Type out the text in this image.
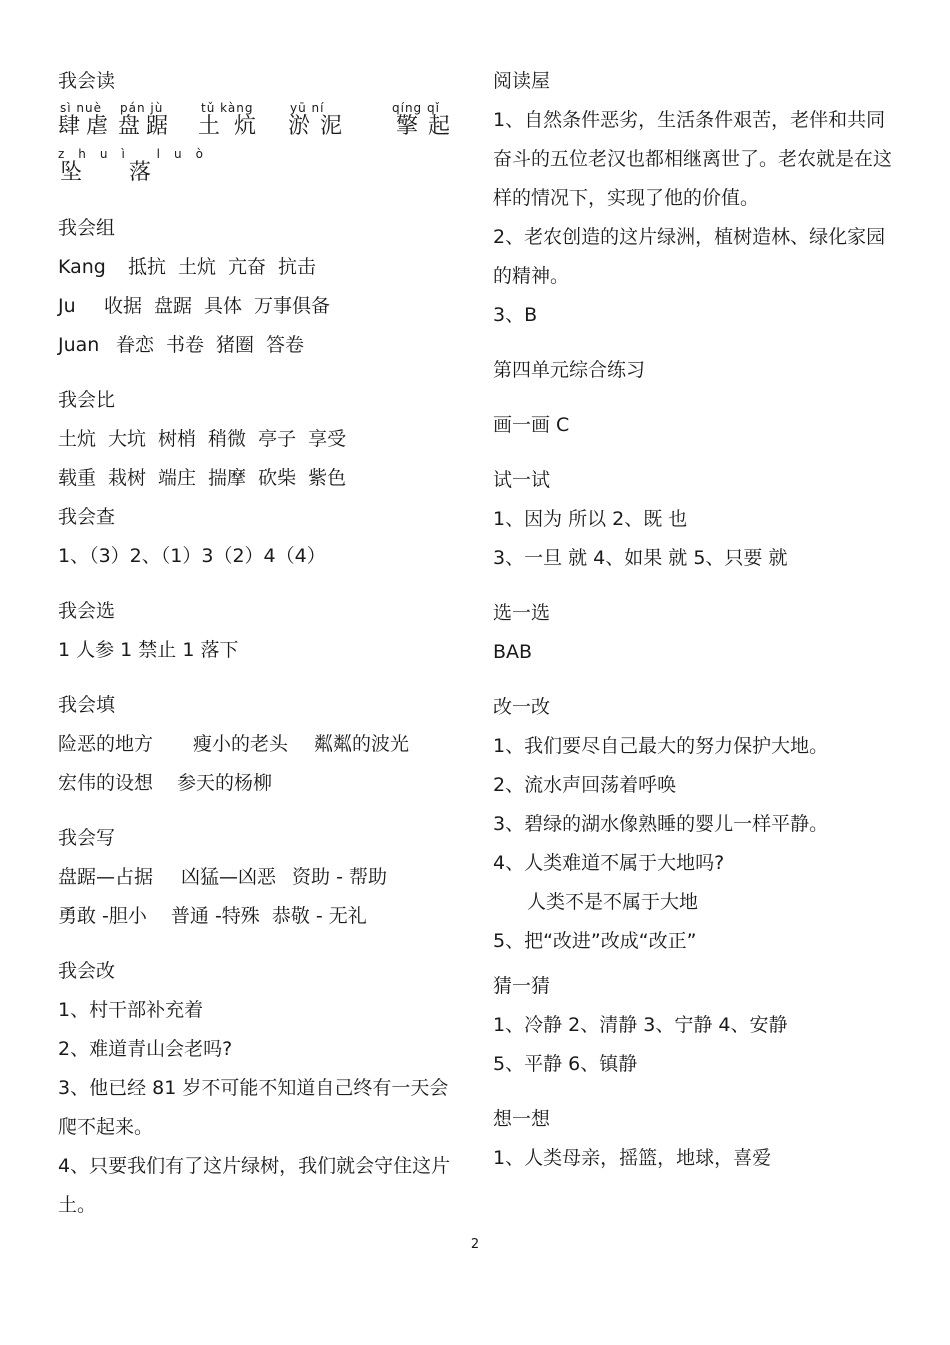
我会读

sì nuè
肆虐
pán jù
盘踞
tǔ kàng
土炕
yū ní
淤泥
qíng qǐ
擎起
zhuì luò
坠 落

我会组

Kang 抵抗 土炕 亢奋 抗击

Ju 收据 盘踞 具体 万事俱备

Juan 眷恋 书卷 猪圈 答卷

我会比

土炕 大坑 树梢 稍微 亭子 享受

载重 栽树 端庄 揣摩 砍柴 紫色

我会查

1、（3）2、（1）3（2）4（4）

我会选

1 人参 1 禁止 1 落下

我会填

险恶的地方 瘦小的老头 粼粼的波光

宏伟的设想 参天的杨柳

我会写

盘踞—占据 凶猛—凶恶 资助 - 帮助

勇敢 -胆小 普通 -特殊 恭敬 - 无礼

我会改

1、村干部补充着

2、难道青山会老吗?

3、他已经 81 岁不可能不知道自己终有一天会爬不起来。

4、只要我们有了这片绿树，我们就会守住这片土。

阅读屋

1、自然条件恶劣，生活条件艰苦，老伴和共同奋斗的五位老汉也都相继离世了。老农就是在这样的情况下，实现了他的价值。

2、老农创造的这片绿洲，植树造林、绿化家园的精神。

3、B

第四单元综合练习

画一画 C

试一试

1、因为 所以 2、既 也

3、一旦 就 4、如果 就 5、只要 就

选一选

BAB

改一改

1、我们要尽自己最大的努力保护大地。

2、流水声回荡着呼唤

3、碧绿的湖水像熟睡的婴儿一样平静。

4、人类难道不属于大地吗?

人类不是不属于大地

5、把“改进”改成“改正”

猜一猜

1、冷静 2、清静 3、宁静 4、安静

5、平静 6、镇静

想一想

1、人类母亲，摇篮，地球，喜爱

2
